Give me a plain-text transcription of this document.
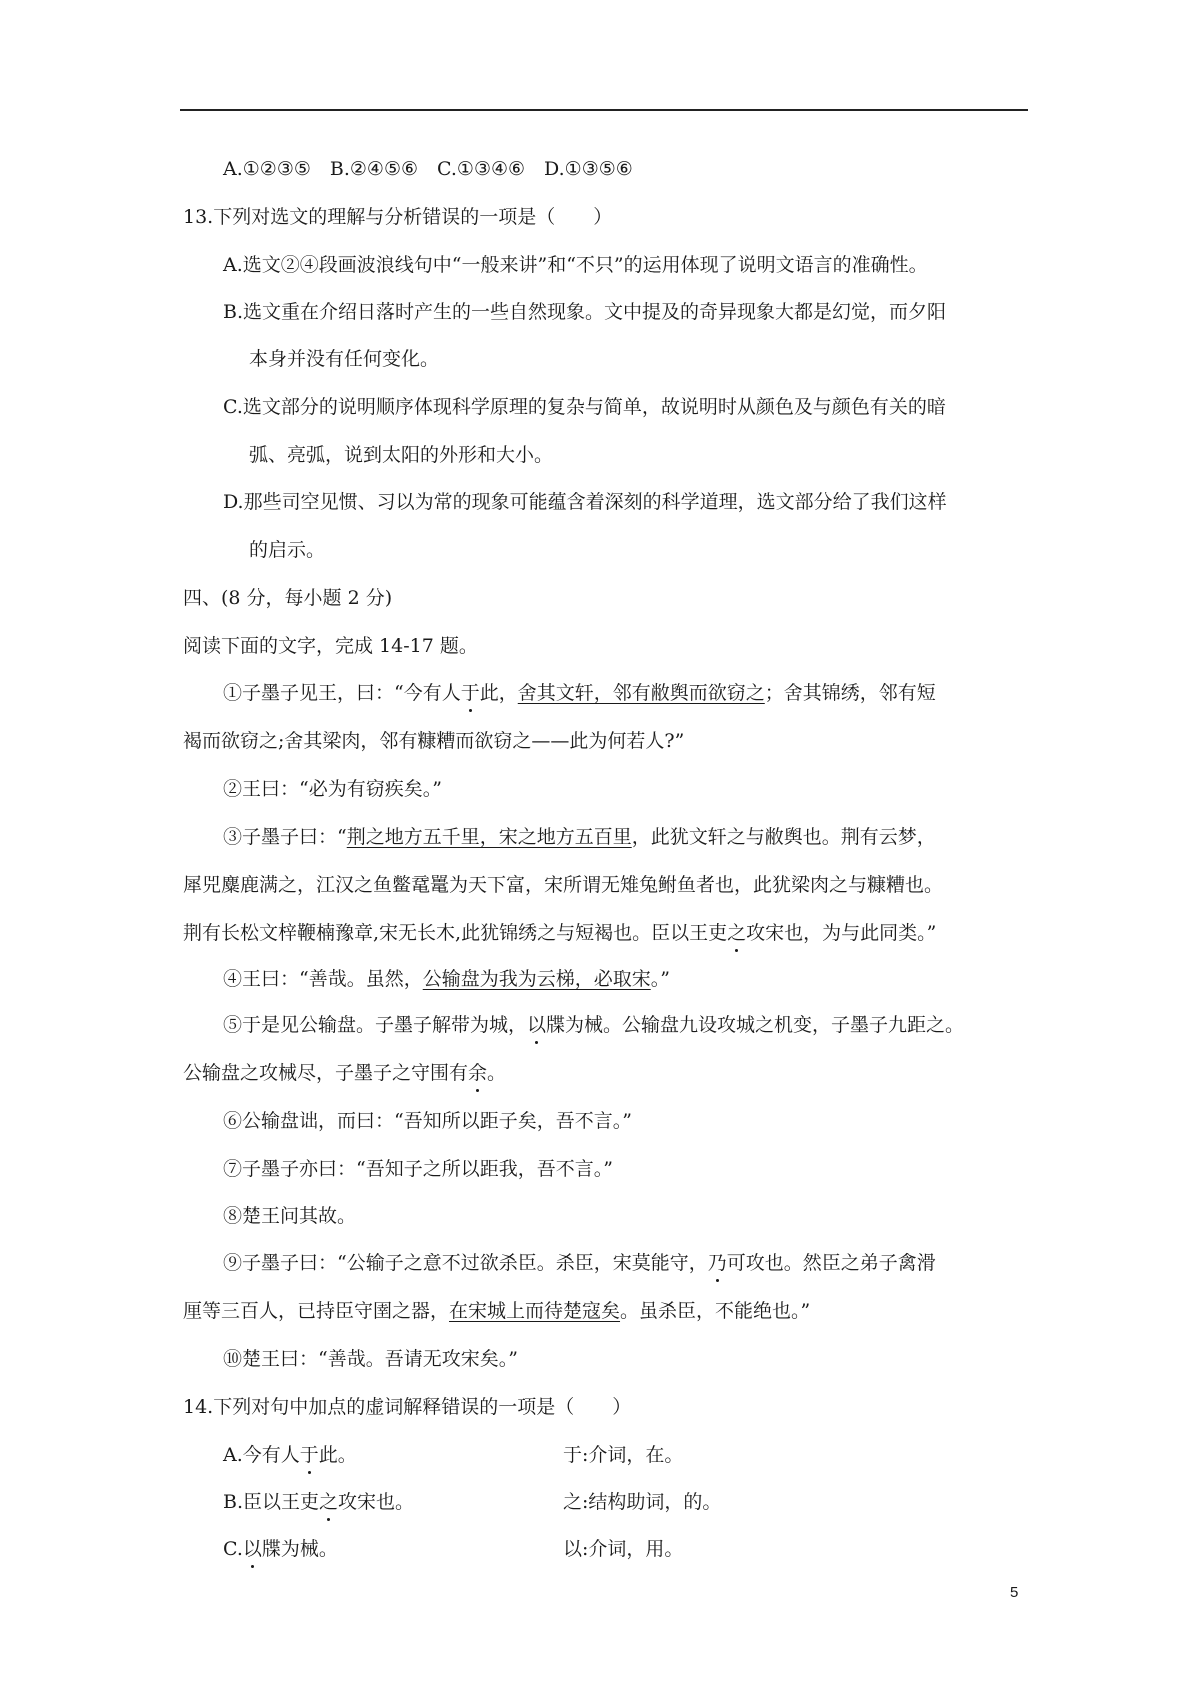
A.①②③⑤　B.②④⑤⑥　C.①③④⑥　D.①③⑤⑥
13.下列对选文的理解与分析错误的一项是（　　）
A.选文②④段画波浪线句中“一般来讲”和“不只”的运用体现了说明文语言的准确性。
B.选文重在介绍日落时产生的一些自然现象。文中提及的奇异现象大都是幻觉，而夕阳
本身并没有任何变化。
C.选文部分的说明顺序体现科学原理的复杂与简单，故说明时从颜色及与颜色有关的暗
弧、亮弧，说到太阳的外形和大小。
D.那些司空见惯、习以为常的现象可能蕴含着深刻的科学道理，选文部分给了我们这样
的启示。
四、(8 分，每小题 2 分)
阅读下面的文字，完成 14-17 题。
①子墨子见王，曰：“今有人于此，舍其文轩，邻有敝舆而欲窃之；舍其锦绣，邻有短
褐而欲窃之;舍其梁肉，邻有糠糟而欲窃之——此为何若人?”
②王曰：“必为有窃疾矣。”
③子墨子曰：“荆之地方五千里，宋之地方五百里，此犹文轩之与敝舆也。荆有云梦，
犀兕麋鹿满之，江汉之鱼鳖鼋鼍为天下富，宋所谓无雉兔鲋鱼者也，此犹梁肉之与糠糟也。
荆有长松文梓鞭楠豫章,宋无长木,此犹锦绣之与短褐也。臣以王吏之攻宋也，为与此同类。”
④王曰：“善哉。虽然，公输盘为我为云梯，必取宋。”
⑤于是见公输盘。子墨子解带为城，以牒为械。公输盘九设攻城之机变，子墨子九距之。
公输盘之攻械尽，子墨子之守围有余。
⑥公输盘诎，而曰：“吾知所以距子矣，吾不言。”
⑦子墨子亦曰：“吾知子之所以距我，吾不言。”
⑧楚王问其故。
⑨子墨子曰：“公输子之意不过欲杀臣。杀臣，宋莫能守，乃可攻也。然臣之弟子禽滑
厘等三百人，已持臣守圉之器，在宋城上而待楚寇矣。虽杀臣，不能绝也。”
⑩楚王曰：“善哉。吾请无攻宋矣。”
14.下列对句中加点的虚词解释错误的一项是（　　）
A.今有人于此。	于:介词，在。
B.臣以王吏之攻宋也。	之:结构助词，的。
C.以牒为械。	以:介词，用。
5
